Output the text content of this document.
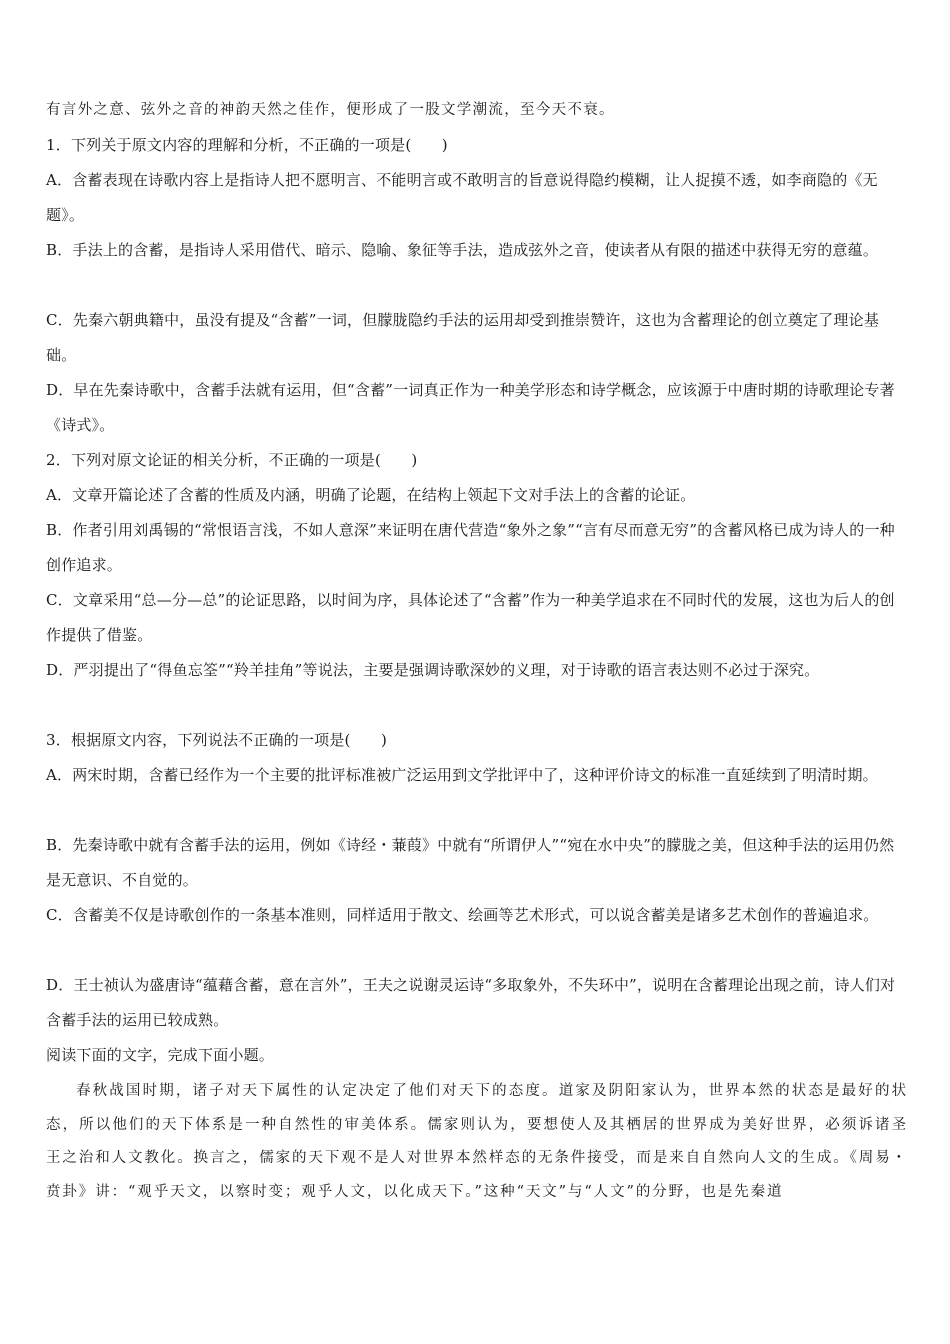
有言外之意、弦外之音的神韵天然之佳作，便形成了一股文学潮流，至今天不衰。

1．下列关于原文内容的理解和分析，不正确的一项是(　　)

A．含蓄表现在诗歌内容上是指诗人把不愿明言、不能明言或不敢明言的旨意说得隐约模糊，让人捉摸不透，如李商隐的《无题》。

B．手法上的含蓄，是指诗人采用借代、暗示、隐喻、象征等手法，造成弦外之音，使读者从有限的描述中获得无穷的意蕴。

C．先秦六朝典籍中，虽没有提及“含蓄”一词，但朦胧隐约手法的运用却受到推崇赞许，这也为含蓄理论的创立奠定了理论基础。

D．早在先秦诗歌中，含蓄手法就有运用，但“含蓄”一词真正作为一种美学形态和诗学概念，应该源于中唐时期的诗歌理论专著《诗式》。

2．下列对原文论证的相关分析，不正确的一项是(　　)

A．文章开篇论述了含蓄的性质及内涵，明确了论题，在结构上领起下文对手法上的含蓄的论证。

B．作者引用刘禹锡的“常恨语言浅，不如人意深”来证明在唐代营造“象外之象”“言有尽而意无穷”的含蓄风格已成为诗人的一种创作追求。

C．文章采用“总—分—总”的论证思路，以时间为序，具体论述了“含蓄”作为一种美学追求在不同时代的发展，这也为后人的创作提供了借鉴。

D．严羽提出了“得鱼忘筌”“羚羊挂角”等说法，主要是强调诗歌深妙的义理，对于诗歌的语言表达则不必过于深究。

3．根据原文内容，下列说法不正确的一项是(　　)

A．两宋时期，含蓄已经作为一个主要的批评标准被广泛运用到文学批评中了，这种评价诗文的标准一直延续到了明清时期。

B．先秦诗歌中就有含蓄手法的运用，例如《诗经・蒹葭》中就有“所谓伊人”“宛在水中央”的朦胧之美，但这种手法的运用仍然是无意识、不自觉的。

C．含蓄美不仅是诗歌创作的一条基本准则，同样适用于散文、绘画等艺术形式，可以说含蓄美是诸多艺术创作的普遍追求。

D．王士祯认为盛唐诗“蕴藉含蓄，意在言外”，王夫之说谢灵运诗“多取象外，不失环中”，说明在含蓄理论出现之前，诗人们对含蓄手法的运用已较成熟。

阅读下面的文字，完成下面小题。

春秋战国时期，诸子对天下属性的认定决定了他们对天下的态度。道家及阴阳家认为，世界本然的状态是最好的状态，所以他们的天下体系是一种自然性的审美体系。儒家则认为，要想使人及其栖居的世界成为美好世界，必须诉诸圣王之治和人文教化。换言之，儒家的天下观不是人对世界本然样态的无条件接受，而是来自自然向人文的生成。《周易・贲卦》讲：“观乎天文，以察时变；观乎人文，以化成天下。”这种“天文”与“人文”的分野，也是先秦道
